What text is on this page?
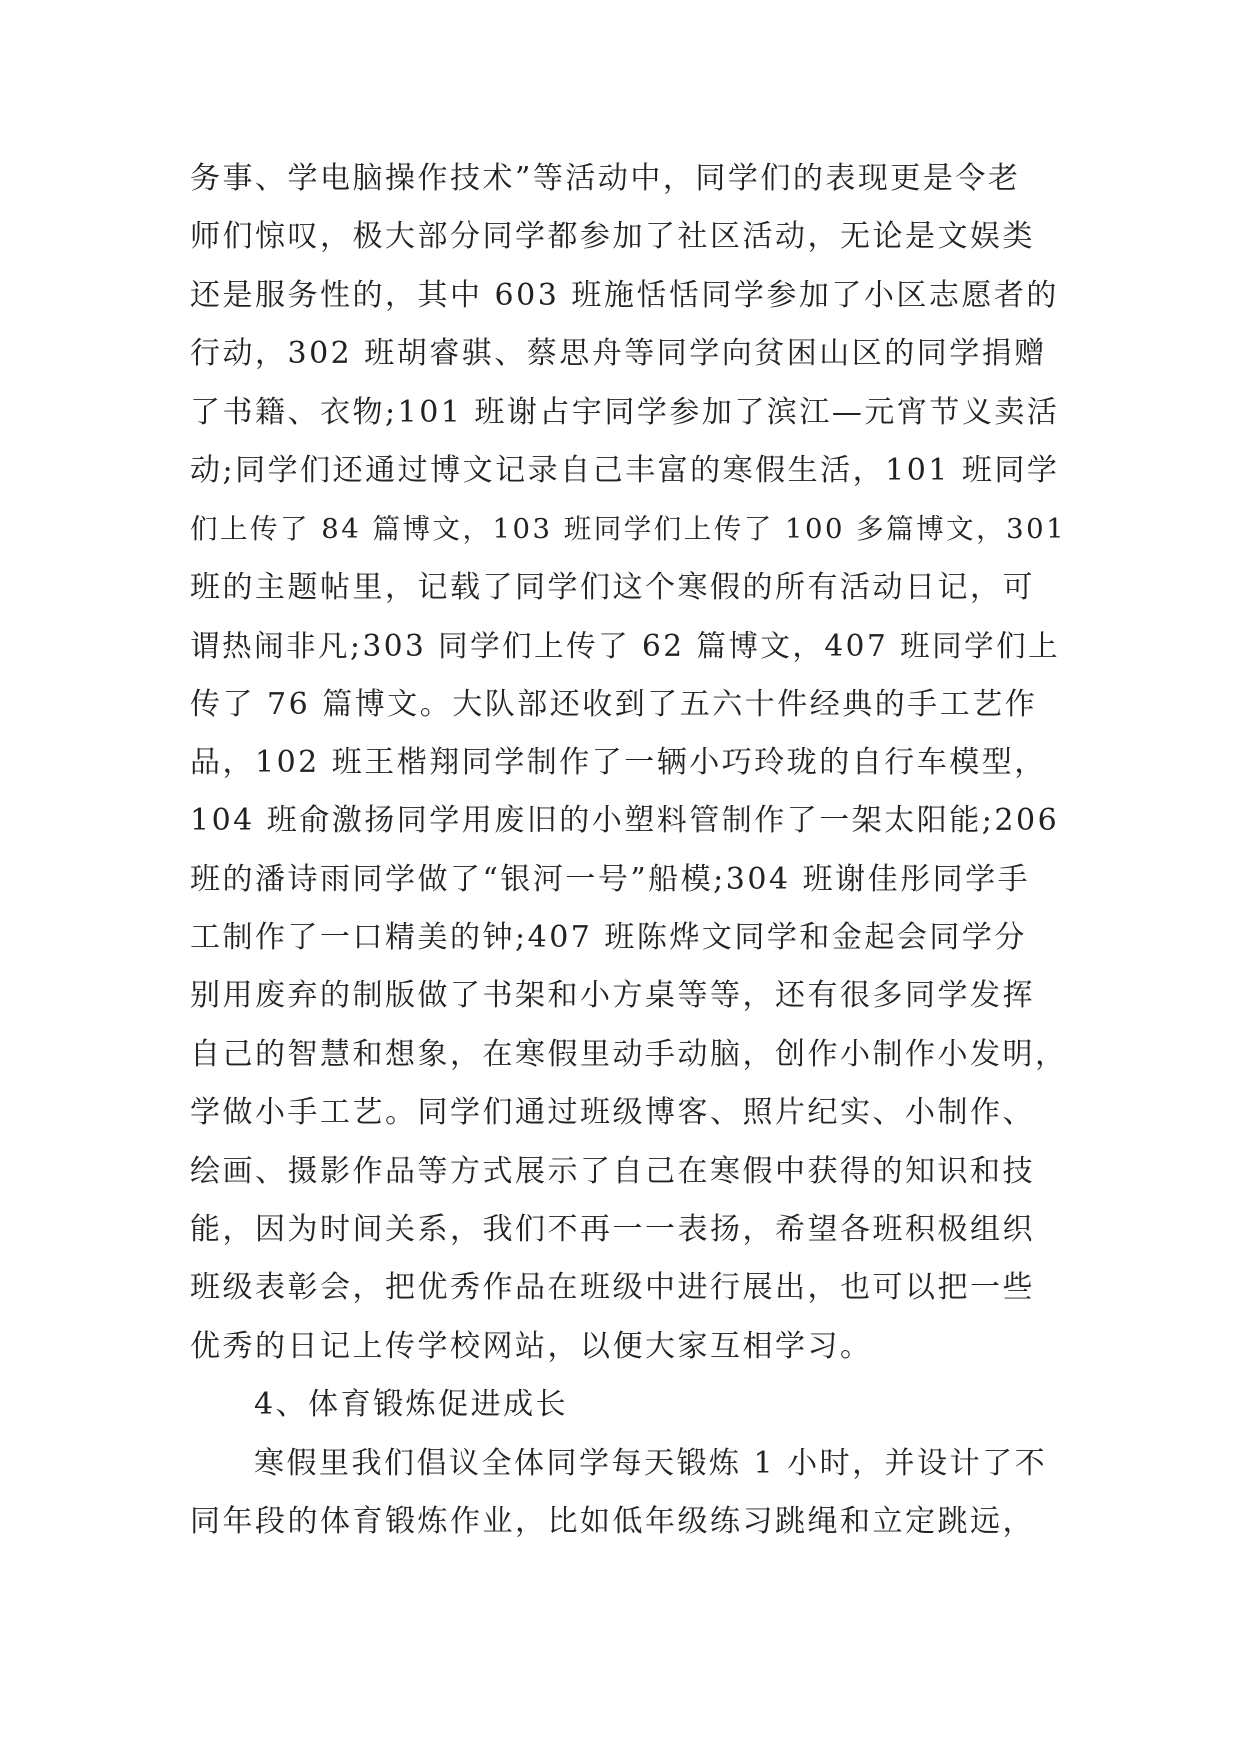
务事、学电脑操作技术”等活动中，同学们的表现更是令老
师们惊叹，极大部分同学都参加了社区活动，无论是文娱类
还是服务性的，其中 603 班施恬恬同学参加了小区志愿者的
行动，302 班胡睿骐、蔡思舟等同学向贫困山区的同学捐赠
了书籍、衣物;101 班谢占宇同学参加了滨江—元宵节义卖活
动;同学们还通过博文记录自己丰富的寒假生活，101 班同学
们上传了 84 篇博文，103 班同学们上传了 100 多篇博文，301
班的主题帖里，记载了同学们这个寒假的所有活动日记，可
谓热闹非凡;303 同学们上传了 62 篇博文，407 班同学们上
传了 76 篇博文。大队部还收到了五六十件经典的手工艺作
品，102 班王楷翔同学制作了一辆小巧玲珑的自行车模型，
104 班俞激扬同学用废旧的小塑料管制作了一架太阳能;206
班的潘诗雨同学做了“银河一号”船模;304 班谢佳彤同学手
工制作了一口精美的钟;407 班陈烨文同学和金起会同学分
别用废弃的制版做了书架和小方桌等等，还有很多同学发挥
自己的智慧和想象，在寒假里动手动脑，创作小制作小发明，
学做小手工艺。同学们通过班级博客、照片纪实、小制作、
绘画、摄影作品等方式展示了自己在寒假中获得的知识和技
能，因为时间关系，我们不再一一表扬，希望各班积极组织
班级表彰会，把优秀作品在班级中进行展出，也可以把一些
优秀的日记上传学校网站，以便大家互相学习。
4、体育锻炼促进成长
寒假里我们倡议全体同学每天锻炼 1 小时，并设计了不
同年段的体育锻炼作业，比如低年级练习跳绳和立定跳远，
